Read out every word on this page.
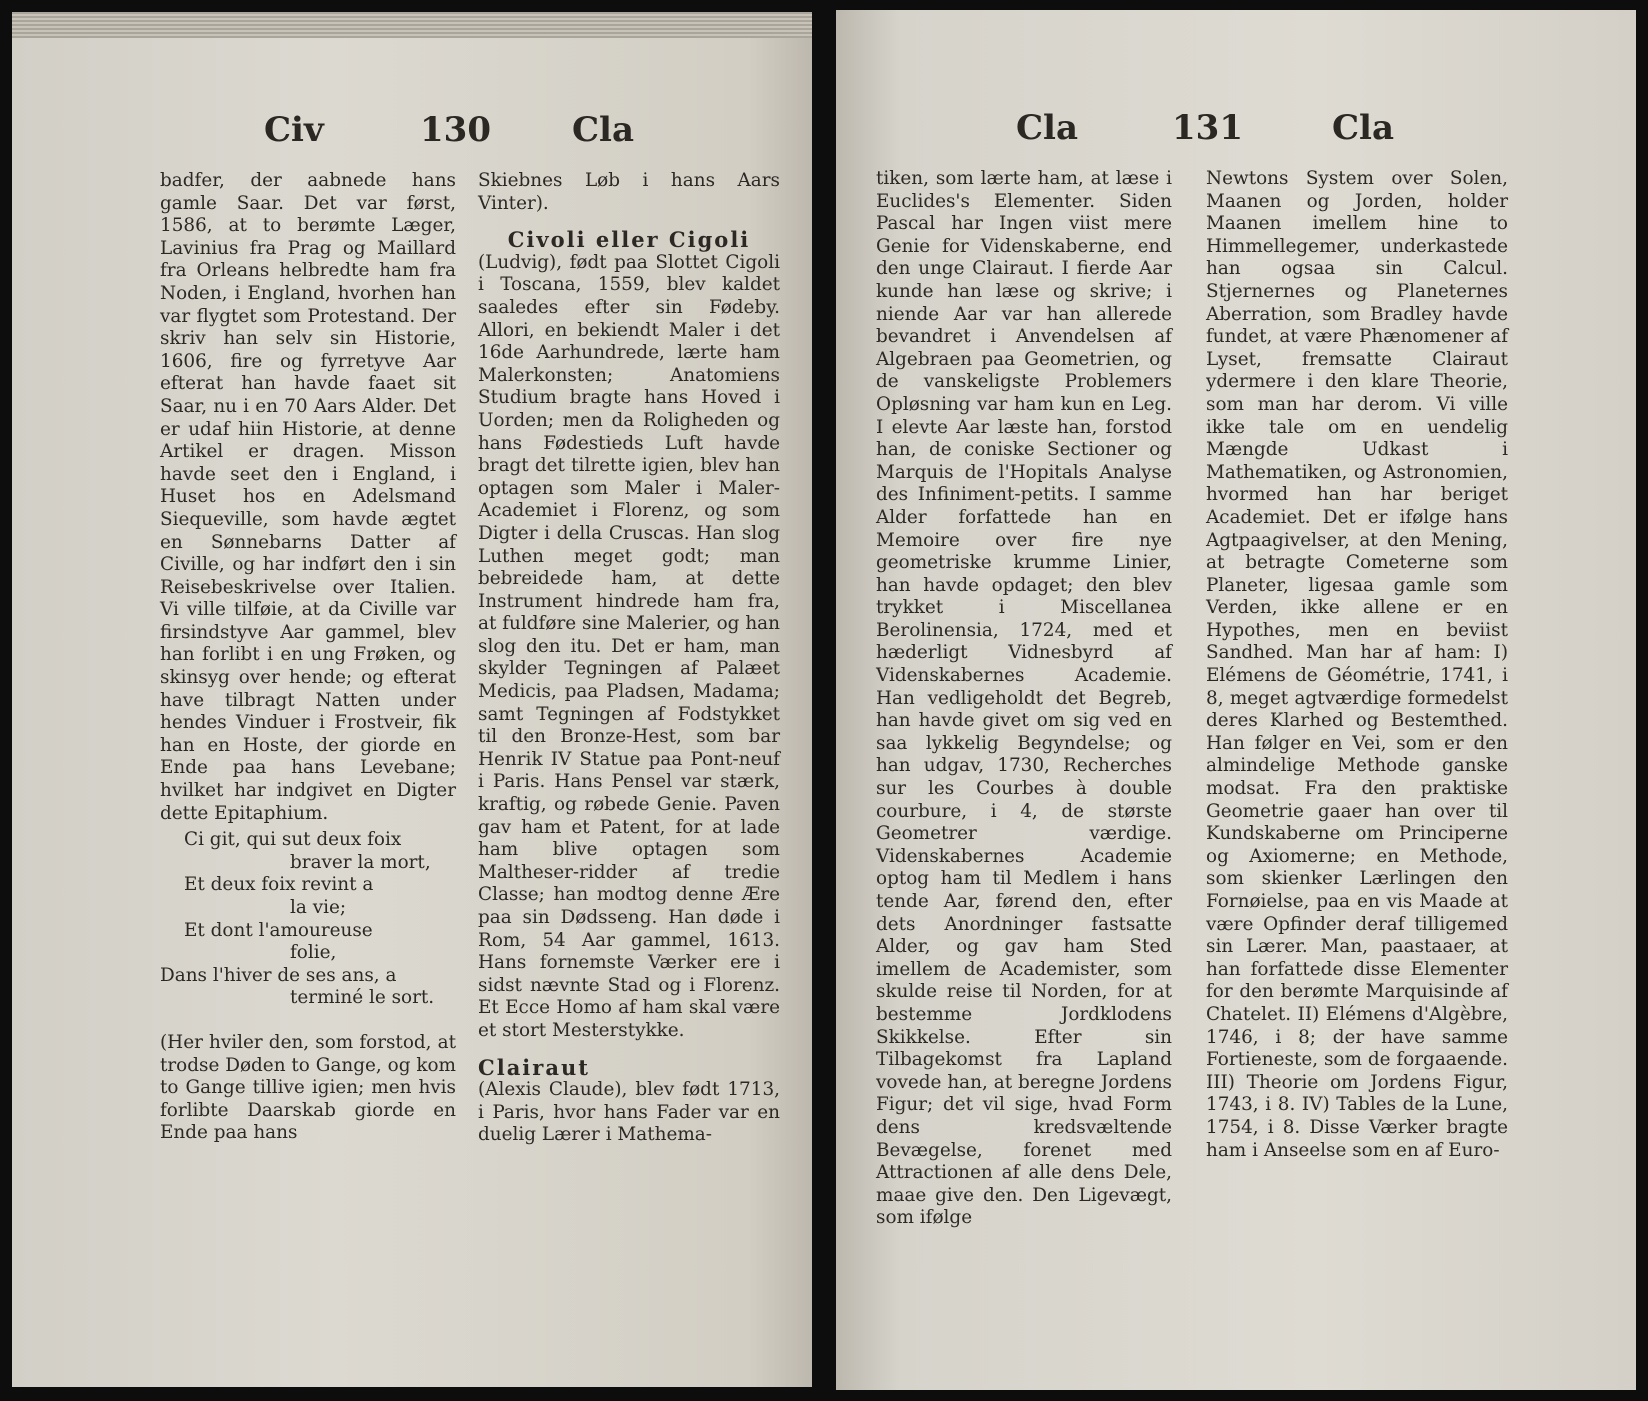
Civ	130 Cla

badfer, der aabnede hans gamle Saar. Det var først, 1586, at to berømte Læger, Lavinius fra Prag og Maillard fra Orleans helbredte ham fra Noden, i England, hvorhen han var flygtet som Protestand. Der skriv han selv sin Historie, 1606, fire og fyrretyve Aar efterat han havde faaet sit Saar, nu i en 70 Aars Alder. Det er udaf hiin Historie, at denne Artikel er dragen. Misson havde seet den i England, i Huset hos en Adelsmand Siequeville, som havde ægtet en Sønnebarns Datter af Civille, og har indført den i sin Reisebeskrivelse over Italien. Vi ville tilføie, at da Civille var firsindstyve Aar gammel, blev han forlibt i en ung Frøken, og skinsyg over hende; og efterat have tilbragt Natten under hendes Vinduer i Frostveir, fik han en Hoste, der giorde en Ende paa hans Levebane; hvilket har indgivet en Digter dette Epitaphium.

Ci git, qui sut deux foix
braver la mort,
Et deux foix revint a
la vie;
Et dont l'amoureuse
folie,
Dans l'hiver de ses ans, a
terminé le sort.

(Her hviler den, som forstod, at trodse Døden to Gange, og kom to Gange tillive igien; men hvis forlibte Daarskab giorde en Ende paa hans

Skiebnes Løb i hans Aars Vinter).

Civoli eller Cigoli

(Ludvig), født paa Slottet Cigoli i Toscana, 1559, blev kaldet saaledes efter sin Fødeby. Allori, en bekiendt Maler i det 16de Aarhundrede, lærte ham Malerkonsten; Anatomiens Studium bragte hans Hoved i Uorden; men da Roligheden og hans Fødestieds Luft havde bragt det tilrette igien, blev han optagen som Maler i Maler-Academiet i Florenz, og som Digter i della Cruscas. Han slog Luthen meget godt; man bebreidede ham, at dette Instrument hindrede ham fra, at fuldføre sine Malerier, og han slog den itu. Det er ham, man skylder Tegningen af Palæet Medicis, paa Pladsen, Madama; samt Tegningen af Fodstykket til den Bronze-Hest, som bar Henrik IV Statue paa Pont-neuf i Paris. Hans Pensel var stærk, kraftig, og røbede Genie. Paven gav ham et Patent, for at lade ham blive optagen som Maltheser-ridder af tredie Classe; han modtog denne Ære paa sin Dødsseng. Han døde i Rom, 54 Aar gammel, 1613. Hans fornemste Værker ere i sidst nævnte Stad og i Florenz. Et Ecce Homo af ham skal være et stort Mesterstykke.

Clairaut

(Alexis Claude), blev født 1713, i Paris, hvor hans Fader var en duelig Lærer i Mathema-

Cla	131	Cla

tiken, som lærte ham, at læse i Euclides's Elementer. Siden Pascal har Ingen viist mere Genie for Videnskaberne, end den unge Clairaut. I fierde Aar kunde han læse og skrive; i niende Aar var han allerede bevandret i Anvendelsen af Algebraen paa Geometrien, og de vanskeligste Problemers Opløsning var ham kun en Leg. I elevte Aar læste han, forstod han, de coniske Sectioner og Marquis de l'Hopitals Analyse des Infiniment-petits. I samme Alder forfattede han en Memoire over fire nye geometriske krumme Linier, han havde opdaget; den blev trykket i Miscellanea Berolinensia, 1724, med et hæderligt Vidnesbyrd af Videnskabernes Academie. Han vedligeholdt det Begreb, han havde givet om sig ved en saa lykkelig Begyndelse; og han udgav, 1730, Recherches sur les Courbes à double courbure, i 4, de største Geometrer værdige. Videnskabernes Academie optog ham til Medlem i hans tende Aar, førend den, efter dets Anordninger fastsatte Alder, og gav ham Sted imellem de Academister, som skulde reise til Norden, for at bestemme Jordklodens Skikkelse. Efter sin Tilbagekomst fra Lapland vovede han, at beregne Jordens Figur; det vil sige, hvad Form dens kredsvæltende Bevægelse, forenet med Attractionen af alle dens Dele, maae give den. Den Ligevægt, som ifølge

Newtons System over Solen, Maanen og Jorden, holder Maanen imellem hine to Himmellegemer, underkastede han ogsaa sin Calcul. Stjernernes og Planeternes Aberration, som Bradley havde fundet, at være Phænomener af Lyset, fremsatte Clairaut ydermere i den klare Theorie, som man har derom. Vi ville ikke tale om en uendelig Mængde Udkast i Mathematiken, og Astronomien, hvormed han har beriget Academiet. Det er ifølge hans Agtpaagivelser, at den Mening, at betragte Cometerne som Planeter, ligesaa gamle som Verden, ikke allene er en Hypothes, men en beviist Sandhed. Man har af ham: I) Elémens de Géométrie, 1741, i 8, meget agtværdige formedelst deres Klarhed og Bestemthed. Han følger en Vei, som er den almindelige Methode ganske modsat. Fra den praktiske Geometrie gaaer han over til Kundskaberne om Principerne og Axiomerne; en Methode, som skienker Lærlingen den Fornøielse, paa en vis Maade at være Opfinder deraf tilligemed sin Lærer. Man, paastaaer, at han forfattede disse Elementer for den berømte Marquisinde af Chatelet. II) Elémens d'Algèbre, 1746, i 8; der have samme Fortieneste, som de forgaaende. III) Theorie om Jordens Figur, 1743, i 8. IV) Tables de la Lune, 1754, i 8. Disse Værker bragte ham i Anseelse som en af Euro-
